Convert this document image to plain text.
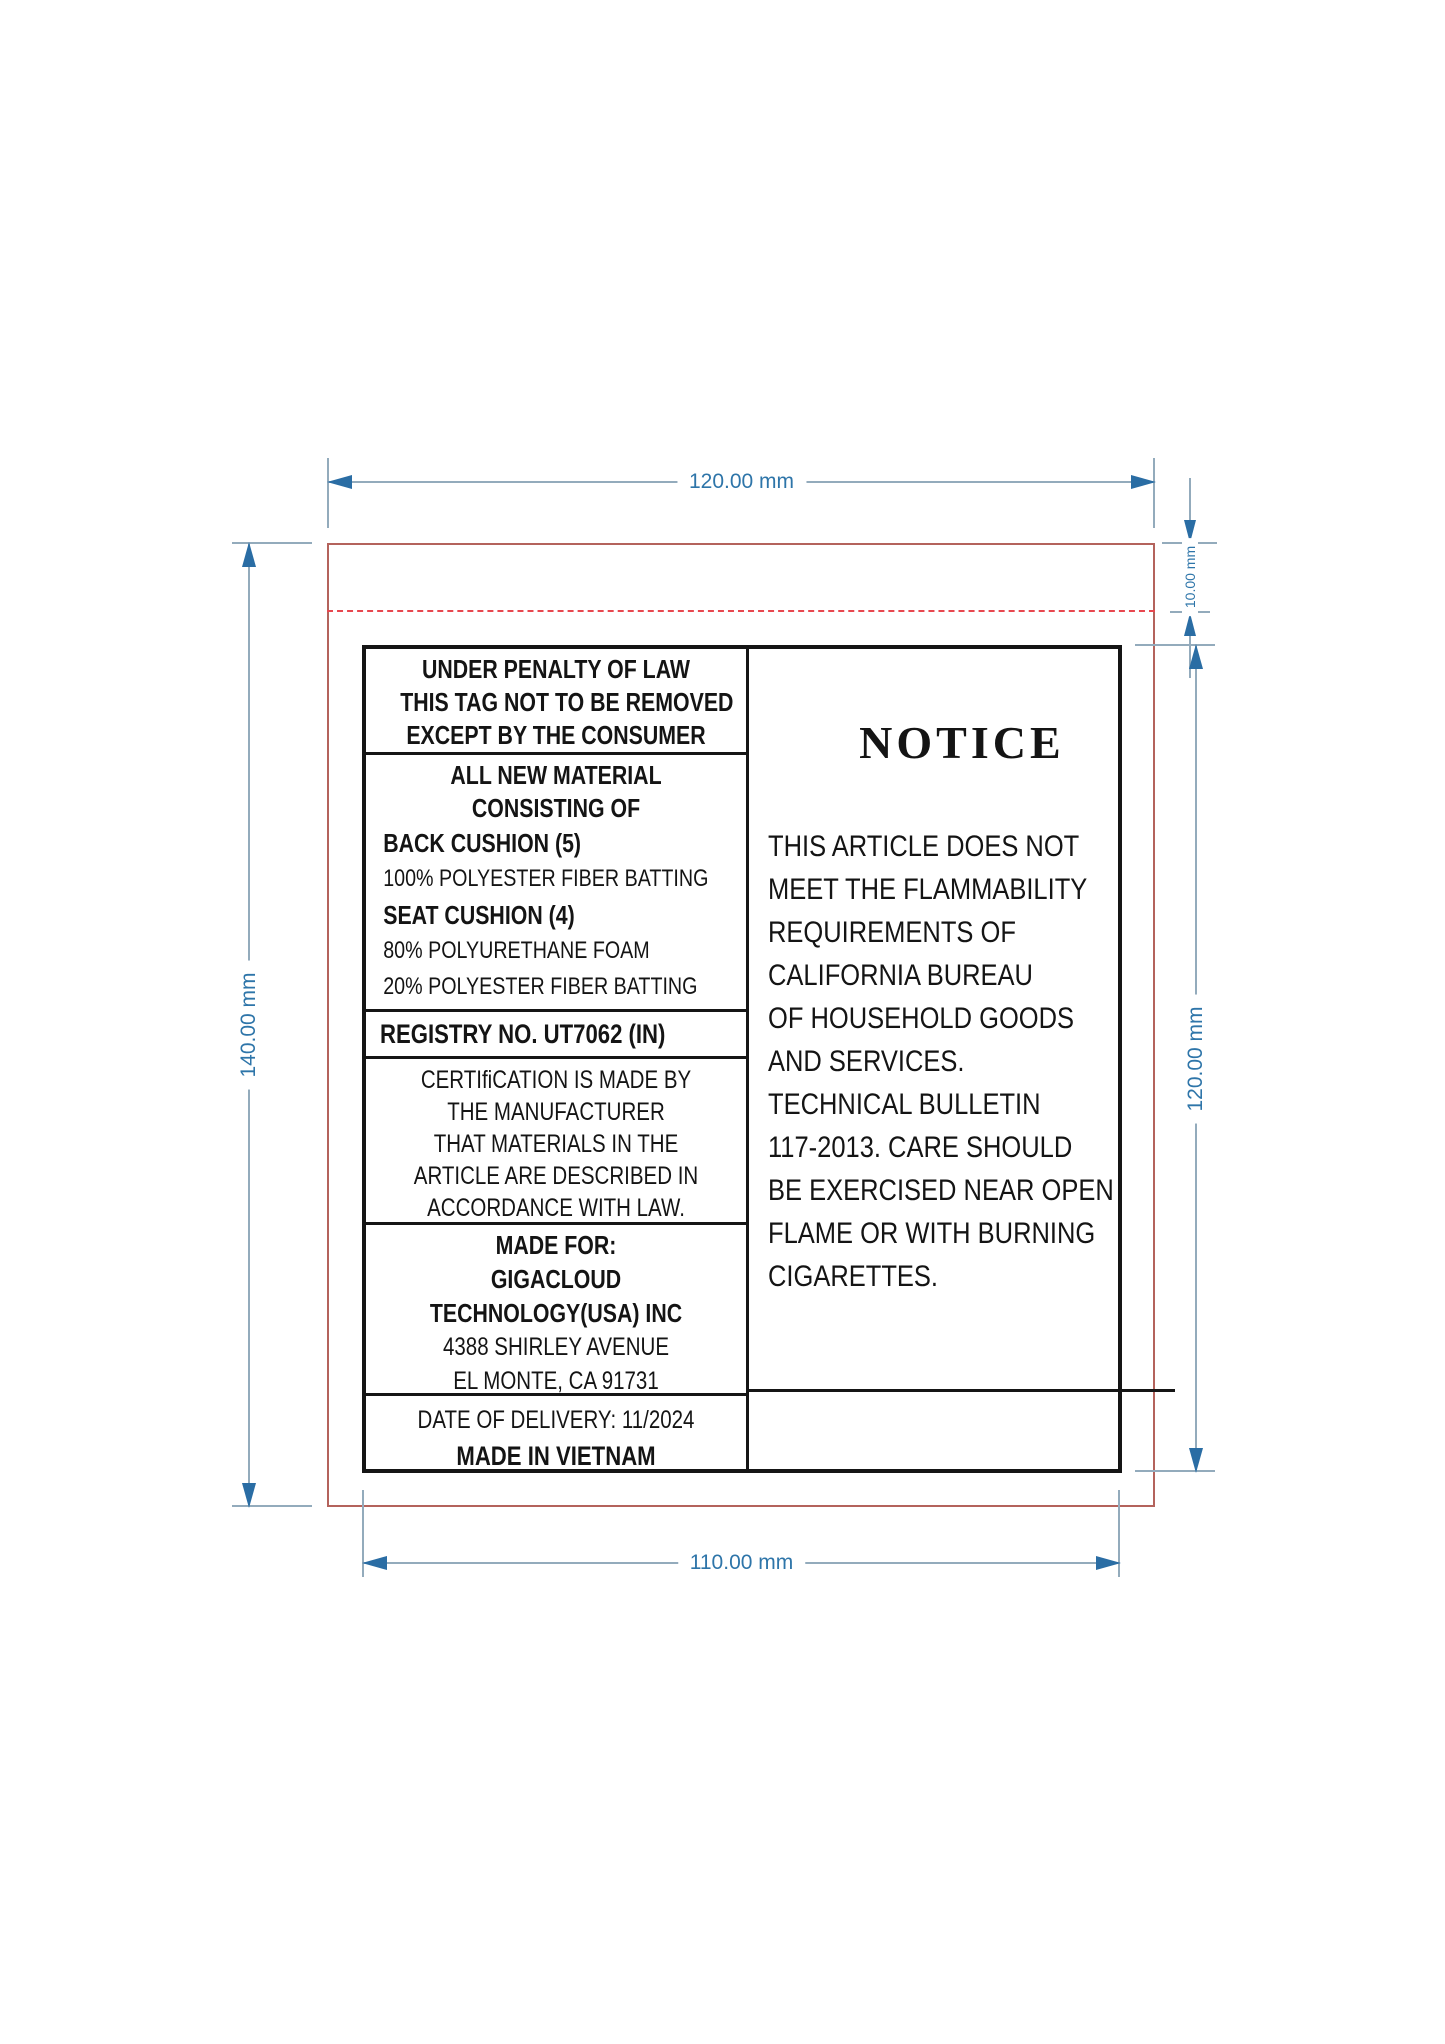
UNDER PENALTY OF LAW
THIS TAG NOT TO BE REMOVED
EXCEPT BY THE CONSUMER
ALL NEW MATERIAL
CONSISTING OF
BACK CUSHION (5)
100% POLYESTER FIBER BATTING
SEAT CUSHION (4)
80% POLYURETHANE FOAM
20% POLYESTER FIBER BATTING
REGISTRY NO. UT7062 (IN)
CERTIfiCATION IS MADE BY
THE MANUFACTURER
THAT MATERIALS IN THE
ARTICLE ARE DESCRIBED IN
ACCORDANCE WITH LAW.
MADE FOR:
GIGACLOUD
TECHNOLOGY(USA) INC
4388 SHIRLEY AVENUE
EL MONTE, CA 91731
DATE OF DELIVERY: 11/2024
MADE IN VIETNAM
NOTICE
THIS ARTICLE DOES NOT
MEET THE FLAMMABILITY
REQUIREMENTS OF
CALIFORNIA BUREAU
OF HOUSEHOLD GOODS
AND SERVICES.
TECHNICAL BULLETIN
117-2013. CARE SHOULD
BE EXERCISED NEAR OPEN
FLAME OR WITH BURNING
CIGARETTES.
120.00 mm
140.00 mm
10.00 mm
120.00 mm
110.00 mm
